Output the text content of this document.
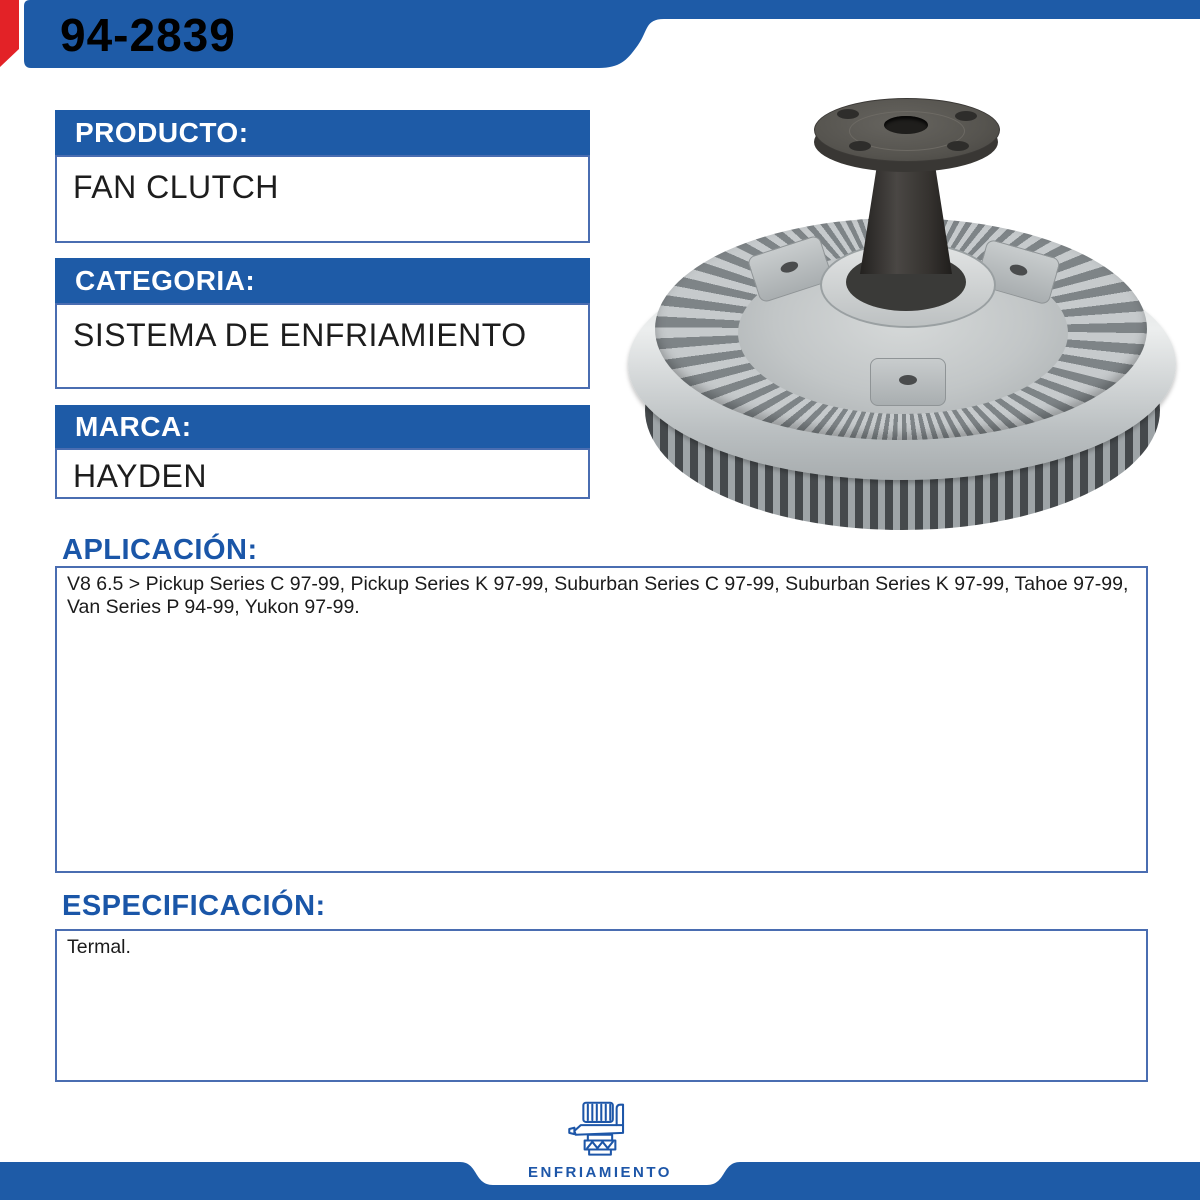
94-2839
PRODUCTO:
FAN CLUTCH
CATEGORIA:
SISTEMA DE ENFRIAMIENTO
MARCA:
HAYDEN
APLICACIÓN:
V8 6.5 > Pickup Series C 97-99, Pickup Series K 97-99, Suburban Series C 97-99, Suburban Series K 97-99, Tahoe 97-99, Van Series P 94-99, Yukon 97-99.
ESPECIFICACIÓN:
Termal.
ENFRIAMIENTO
